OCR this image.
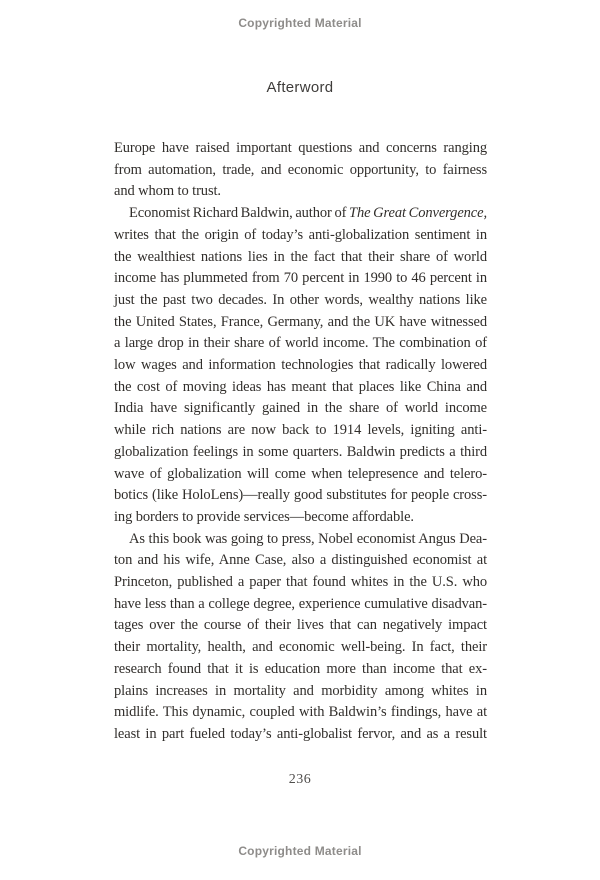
Copyrighted Material
Afterword
Europe have raised important questions and concerns ranging
from automation, trade, and economic opportunity, to fairness
and whom to trust.
Economist Richard Baldwin, author of The Great Convergence,
writes that the origin of today’s anti-globalization sentiment in
the wealthiest nations lies in the fact that their share of world
income has plummeted from 70 percent in 1990 to 46 percent in
just the past two decades. In other words, wealthy nations like
the United States, France, Germany, and the UK have witnessed
a large drop in their share of world income. The combination of
low wages and information technologies that radically lowered
the cost of moving ideas has meant that places like China and
India have significantly gained in the share of world income
while rich nations are now back to 1914 levels, igniting anti-
globalization feelings in some quarters. Baldwin predicts a third
wave of globalization will come when telepresence and telero-
botics (like HoloLens)—really good substitutes for people cross-
ing borders to provide services—become affordable.
As this book was going to press, Nobel economist Angus Dea-
ton and his wife, Anne Case, also a distinguished economist at
Princeton, published a paper that found whites in the U.S. who
have less than a college degree, experience cumulative disadvan-
tages over the course of their lives that can negatively impact
their mortality, health, and economic well-being. In fact, their
research found that it is education more than income that ex-
plains increases in mortality and morbidity among whites in
midlife. This dynamic, coupled with Baldwin’s findings, have at
least in part fueled today’s anti-globalist fervor, and as a result
236
Copyrighted Material
